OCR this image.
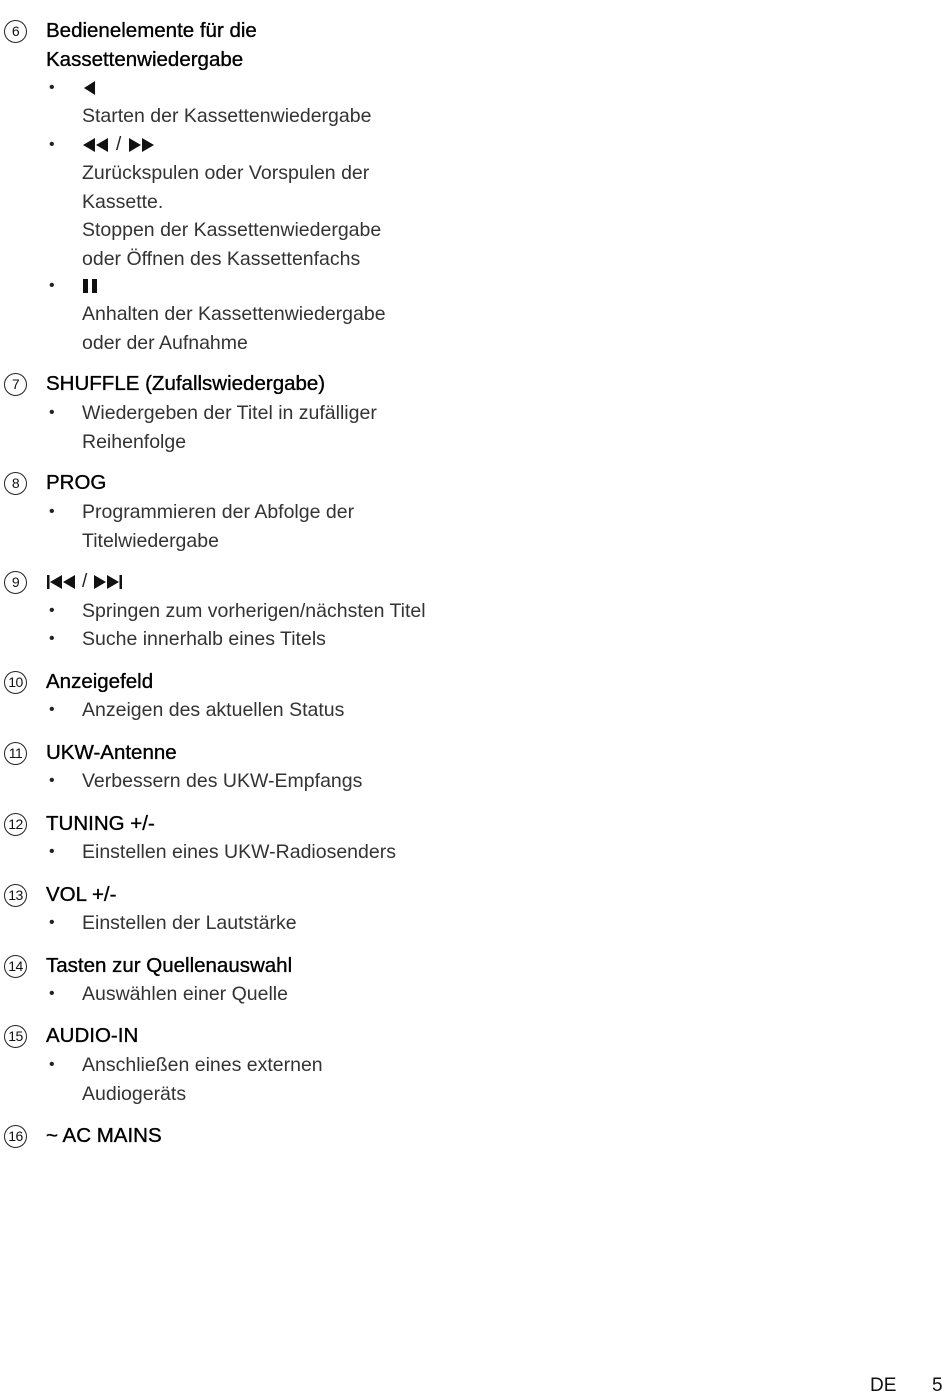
6	Bedienelemente für die
Kassettenwiedergabe
•
Starten der Kassettenwiedergabe
•	/
Zurückspulen oder Vorspulen der
Kassette.
Stoppen der Kassettenwiedergabe
oder Öffnen des Kassettenfachs
•
Anhalten der Kassettenwiedergabe
oder der Aufnahme
7	SHUFFLE (Zufallswiedergabe)
• Wiedergeben der Titel in zufälliger
Reihenfolge
8	PROG
• Programmieren der Abfolge der
Titelwiedergabe
9	/
• Springen zum vorherigen/nächsten Titel
• Suche innerhalb eines Titels
10 Anzeigefeld
• Anzeigen des aktuellen Status
11 UKW-Antenne
• Verbessern des UKW-Empfangs
12 TUNING +/-
• Einstellen eines UKW-Radiosenders
13 VOL +/-
• Einstellen der Lautstärke
14 Tasten zur Quellenauswahl
• Auswählen einer Quelle
15 AUDIO-IN
• Anschließen eines externen
Audiogeräts
16 ~ AC MAINS
DE 5
